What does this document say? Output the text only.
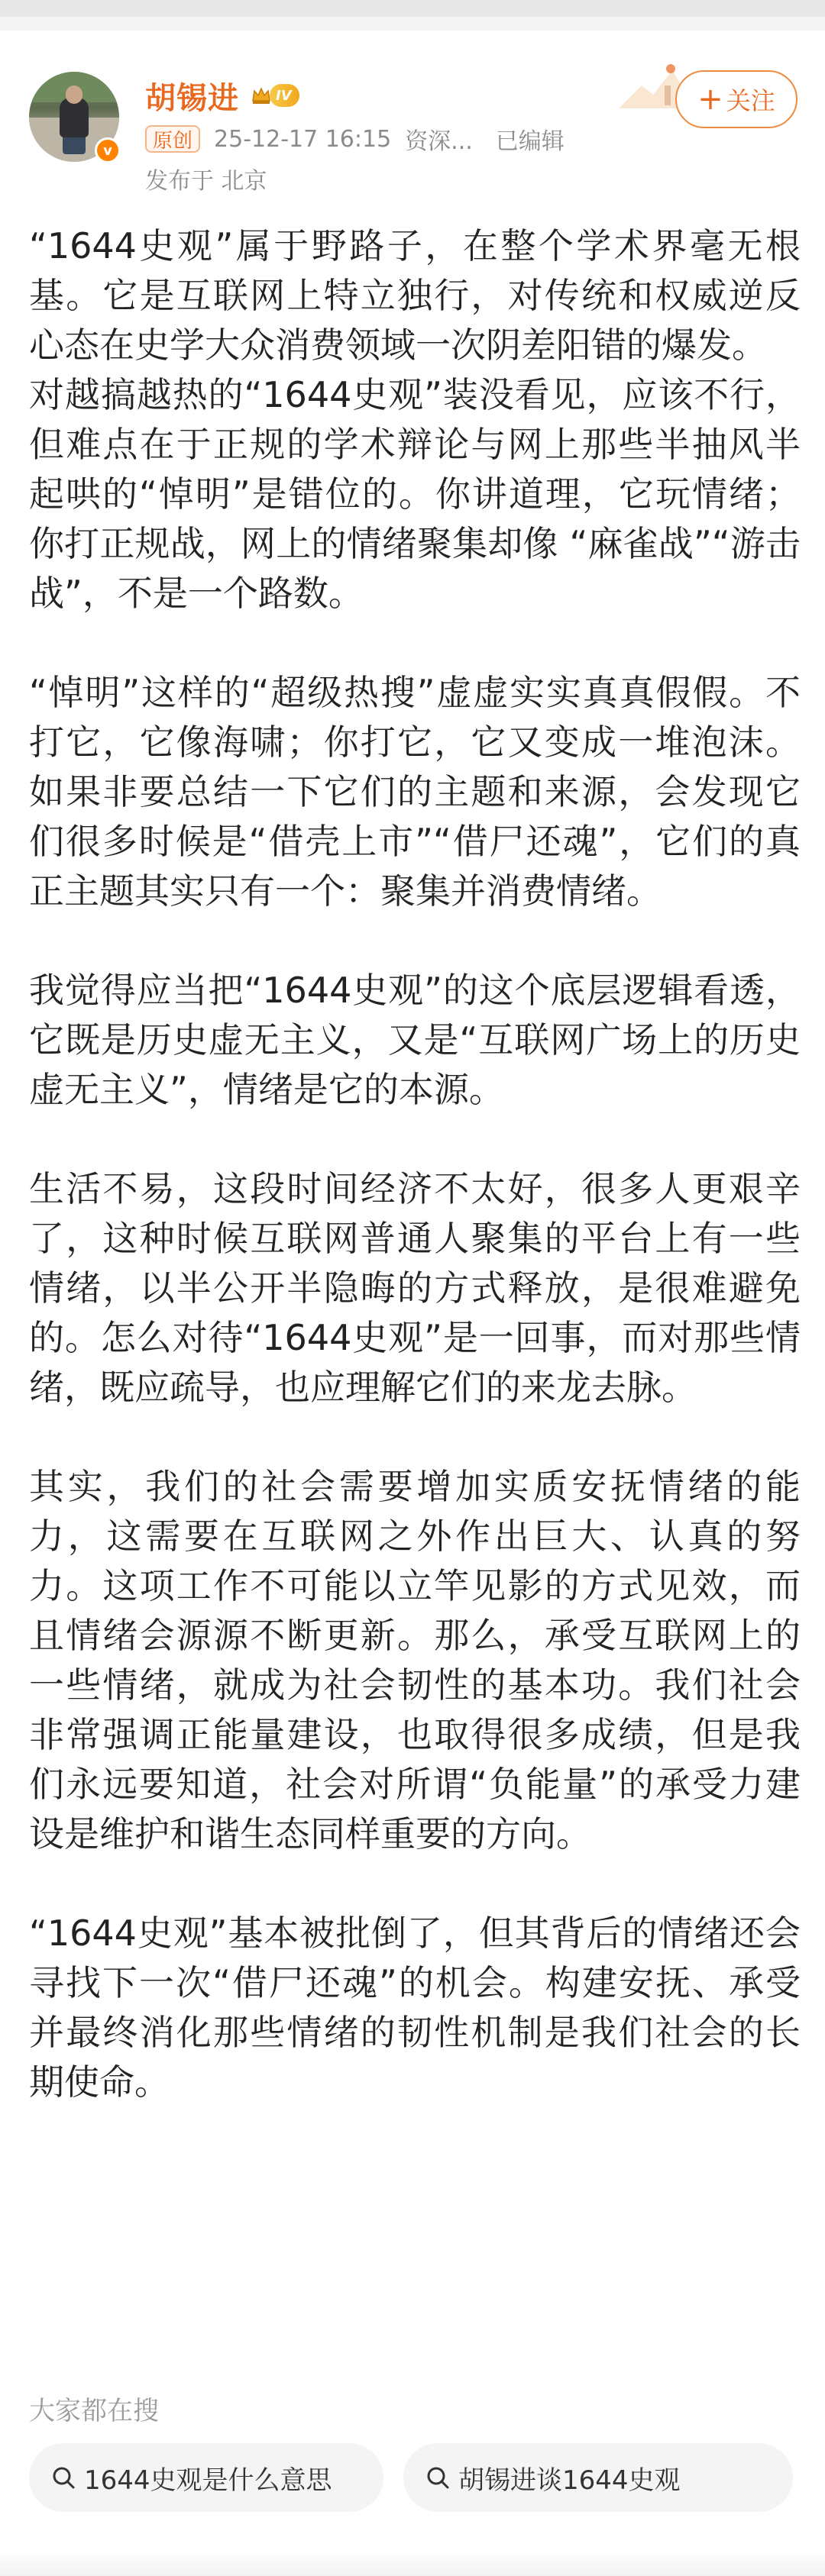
v
胡锡进	IV
原创 25-12-17 16:15 资深... 已编辑
发布于 北京
+ 关注

“1644史观”属于野路子，在整个学术界毫无根基。它是互联网上特立独行，对传统和权威逆反心态在史学大众消费领域一次阴差阳错的爆发。

对越搞越热的“1644史观”装没看见，应该不行，但难点在于正规的学术辩论与网上那些半抽风半起哄的“悼明”是错位的。你讲道理，它玩情绪；你打正规战，网上的情绪聚集却像 “麻雀战”“游击战”，不是一个路数。

“悼明”这样的“超级热搜”虚虚实实真真假假。不打它，它像海啸；你打它，它又变成一堆泡沫。如果非要总结一下它们的主题和来源，会发现它们很多时候是“借壳上市”“借尸还魂”，它们的真正主题其实只有一个：聚集并消费情绪。

我觉得应当把“1644史观”的这个底层逻辑看透，它既是历史虚无主义，又是“互联网广场上的历史虚无主义”，情绪是它的本源。

生活不易，这段时间经济不太好，很多人更艰辛了，这种时候互联网普通人聚集的平台上有一些情绪，以半公开半隐晦的方式释放，是很难避免的。怎么对待“1644史观”是一回事，而对那些情绪，既应疏导，也应理解它们的来龙去脉。

其实，我们的社会需要增加实质安抚情绪的能力，这需要在互联网之外作出巨大、认真的努力。这项工作不可能以立竿见影的方式见效，而且情绪会源源不断更新。那么，承受互联网上的一些情绪，就成为社会韧性的基本功。我们社会非常强调正能量建设，也取得很多成绩，但是我们永远要知道，社会对所谓“负能量”的承受力建设是维护和谐生态同样重要的方向。

“1644史观”基本被批倒了，但其背后的情绪还会寻找下一次“借尸还魂”的机会。构建安抚、承受并最终消化那些情绪的韧性机制是我们社会的长期使命。

大家都在搜
1644史观是什么意思	胡锡进谈1644史观
